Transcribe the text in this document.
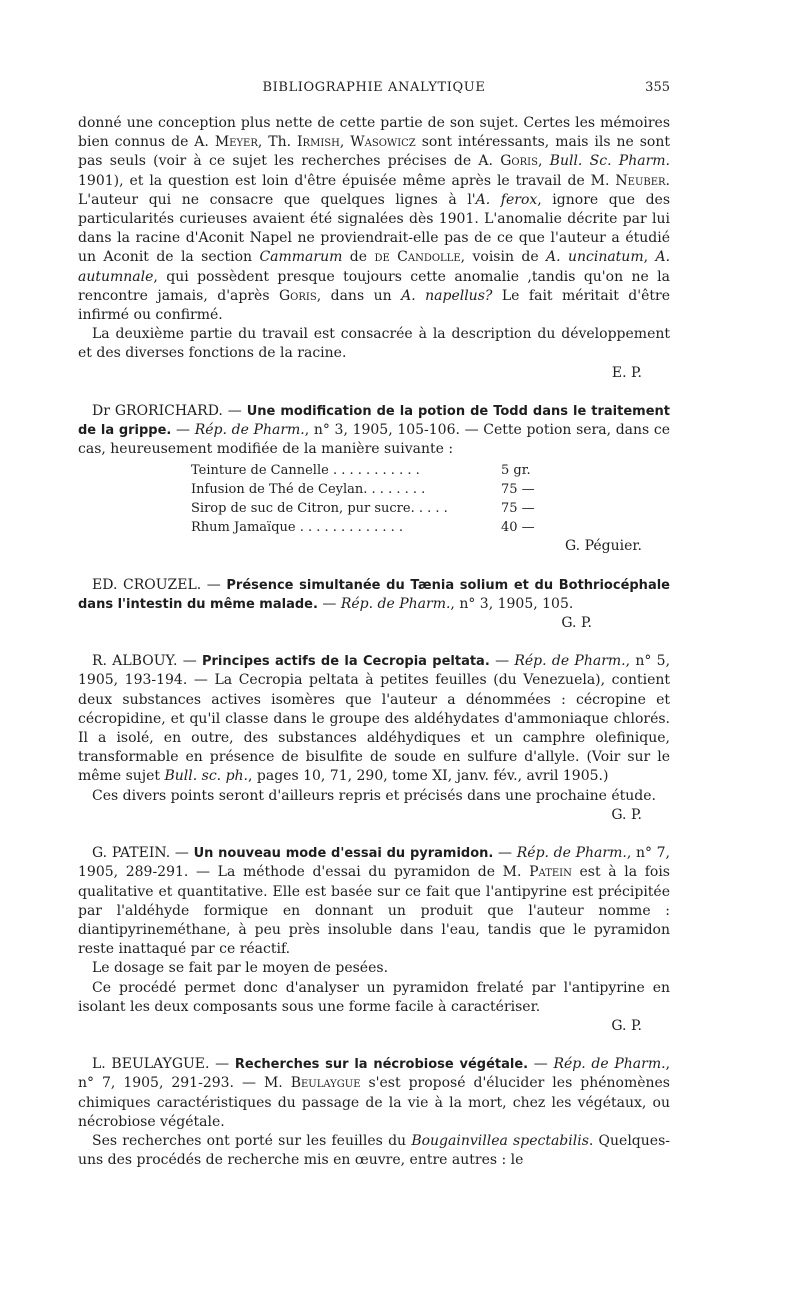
BIBLIOGRAPHIE ANALYTIQUE	355

donné une conception plus nette de cette partie de son sujet. Certes les mémoires bien connus de A. Meyer, Th. Irmish, Wasowicz sont intéressants, mais ils ne sont pas seuls (voir à ce sujet les recherches précises de A. Goris, Bull. Sc. Pharm. 1901), et la question est loin d'être épuisée même après le travail de M. Neuber. L'auteur qui ne consacre que quelques lignes à l'A. ferox, ignore que des particularités curieuses avaient été signalées dès 1901. L'anomalie décrite par lui dans la racine d'Aconit Napel ne proviendrait-elle pas de ce que l'auteur a étudié un Aconit de la section Cammarum de de Candolle, voisin de A. uncinatum, A. autumnale, qui possèdent presque toujours cette anomalie ,tandis qu'on ne la rencontre jamais, d'après Goris, dans un A. napellus? Le fait méritait d'être infirmé ou confirmé.

La deuxième partie du travail est consacrée à la description du développement et des diverses fonctions de la racine.

E. P.

Dr GRORICHARD. — Une modification de la potion de Todd dans le traitement de la grippe. — Rép. de Pharm., n° 3, 1905, 105-106. — Cette potion sera, dans ce cas, heureusement modifiée de la manière suivante :

Teinture de Cannelle . . . . . . . . . . .	5 gr.
Infusion de Thé de Ceylan. . . . . . . .	75 —
Sirop de suc de Citron, pur sucre. . . . .	75 —
Rhum Jamaïque . . . . . . . . . . . . .	40 —

G. Péguier.

ED. CROUZEL. — Présence simultanée du Tænia solium et du Bothriocéphale dans l'intestin du même malade. — Rép. de Pharm., n° 3, 1905, 105.

G. P.

R. ALBOUY. — Principes actifs de la Cecropia peltata. — Rép. de Pharm., n° 5, 1905, 193-194. — La Cecropia peltata à petites feuilles (du Venezuela), contient deux substances actives isomères que l'auteur a dénommées : cécropine et cécropidine, et qu'il classe dans le groupe des aldéhydates d'ammoniaque chlorés. Il a isolé, en outre, des substances aldéhydiques et un camphre olefinique, transformable en présence de bisulfite de soude en sulfure d'allyle. (Voir sur le même sujet Bull. sc. ph., pages 10, 71, 290, tome XI, janv. fév., avril 1905.)

Ces divers points seront d'ailleurs repris et précisés dans une prochaine étude.

G. P.

G. PATEIN. — Un nouveau mode d'essai du pyramidon. — Rép. de Pharm., n° 7, 1905, 289-291. — La méthode d'essai du pyramidon de M. Patein est à la fois qualitative et quantitative. Elle est basée sur ce fait que l'antipyrine est précipitée par l'aldéhyde formique en donnant un produit que l'auteur nomme : diantipyrineméthane, à peu près insoluble dans l'eau, tandis que le pyramidon reste inattaqué par ce réactif.

Le dosage se fait par le moyen de pesées.

Ce procédé permet donc d'analyser un pyramidon frelaté par l'antipyrine en isolant les deux composants sous une forme facile à caractériser.

G. P.

L. BEULAYGUE. — Recherches sur la nécrobiose végétale. — Rép. de Pharm., n° 7, 1905, 291-293. — M. Beulaygue s'est proposé d'élucider les phénomènes chimiques caractéristiques du passage de la vie à la mort, chez les végétaux, ou nécrobiose végétale.

Ses recherches ont porté sur les feuilles du Bougainvillea spectabilis. Quelques-uns des procédés de recherche mis en œuvre, entre autres : le
